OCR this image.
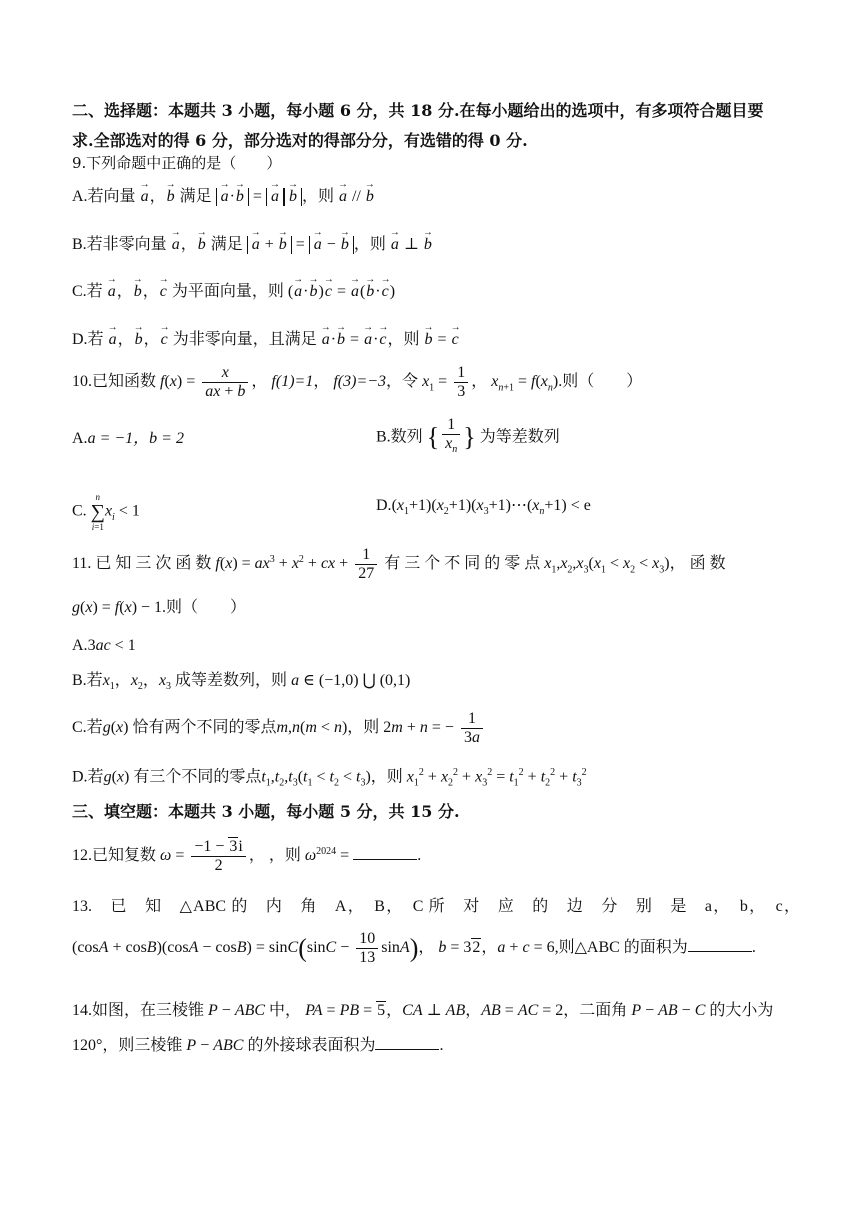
二、选择题：本题共 3 小题，每小题 6 分，共 18 分.在每小题给出的选项中，有多项符合题目要
求.全部选对的得 6 分，部分选对的得部分分，有选错的得 0 分.
9.下列命题中正确的是（　　）
A.若向量 → a，→ b 满足 → a·→ b = → a → b ，则 → a // → b
B.若非零向量 → a，→ b 满足 → a + → b = → a − → b ，则 → a ⊥ → b
C.若 → a，→ b，→ c 为平面向量，则 (→ a·→ b)→ c = → a(→ b·→ c)
D.若 → a，→ b，→ c 为非零向量，且满足 → a·→ b = → a·→ c，则 → b = → c
10.已知函数 $f(x) = \frac{x}{ax + b}$ ， f(1)=1， f(3)=−3，令 $x_1 = \frac{1}{3}$ ， $x_{n+1} = f(x_n)$.则（　　）
A.a = −1，b = 2	B.数列 { $\frac{1}{x_n}$ } 为等差数列
C.
n
∑
i=1
$x_i < 1$	$D.(x_1+1)(x_2+1)(x_3+1)\cdots(x_n+1) < e$
11. 已 知 三 次 函 数 $f(x) = ax^3 + x^2$ + cx + $\frac{1}{27}$ 有 三 个 不 同 的 零 点 $x_1,x_2,x_3(x_1 < x_2 < x_3)$， 函 数
g(x) = f(x) − 1.则（　　）
A.3ac < 1
B.若$x_1$，$x_2$，$x_3$ 成等差数列，则 a ∈ (−1,0) ⋃ (0,1)
C.若g(x) 恰有两个不同的零点m,n(m < n)，则 2m + n = − $\frac{1}{3a}$
D.若g(x) 有三个不同的零点$t_1,t_2,t_3(t_1 < t_2 < t_3)$，则 $x_1^2 + x_2^2 + x_3^2 = t_1^2 + t_2^2 + t_3^2$
三、填空题：本题共 3 小题，每小题 5 分，共 15 分.
12.已知复数 $\omega = \frac{-1 - 3i}{2}$ ， ，则 $\omega^{2024}$ =	.
13.　已　知　△ABC 的　内　角　A，　B，　C 所　对　应　的　边　分　别　是　a，　b，　c，
$(\cos A + \cos B)(\cos A - \cos B) = \sin C(\sin C - \frac{10}{13} \sin A)$， b = 32，a + c = 6,则△ABC 的面积为	.
14.如图，在三棱锥 P − ABC 中， PA = PB = 5，CA ⊥ AB，AB = AC = 2，二面角 P − AB − C 的大小为
120°，则三棱锥 P − ABC 的外接球表面积为	.
